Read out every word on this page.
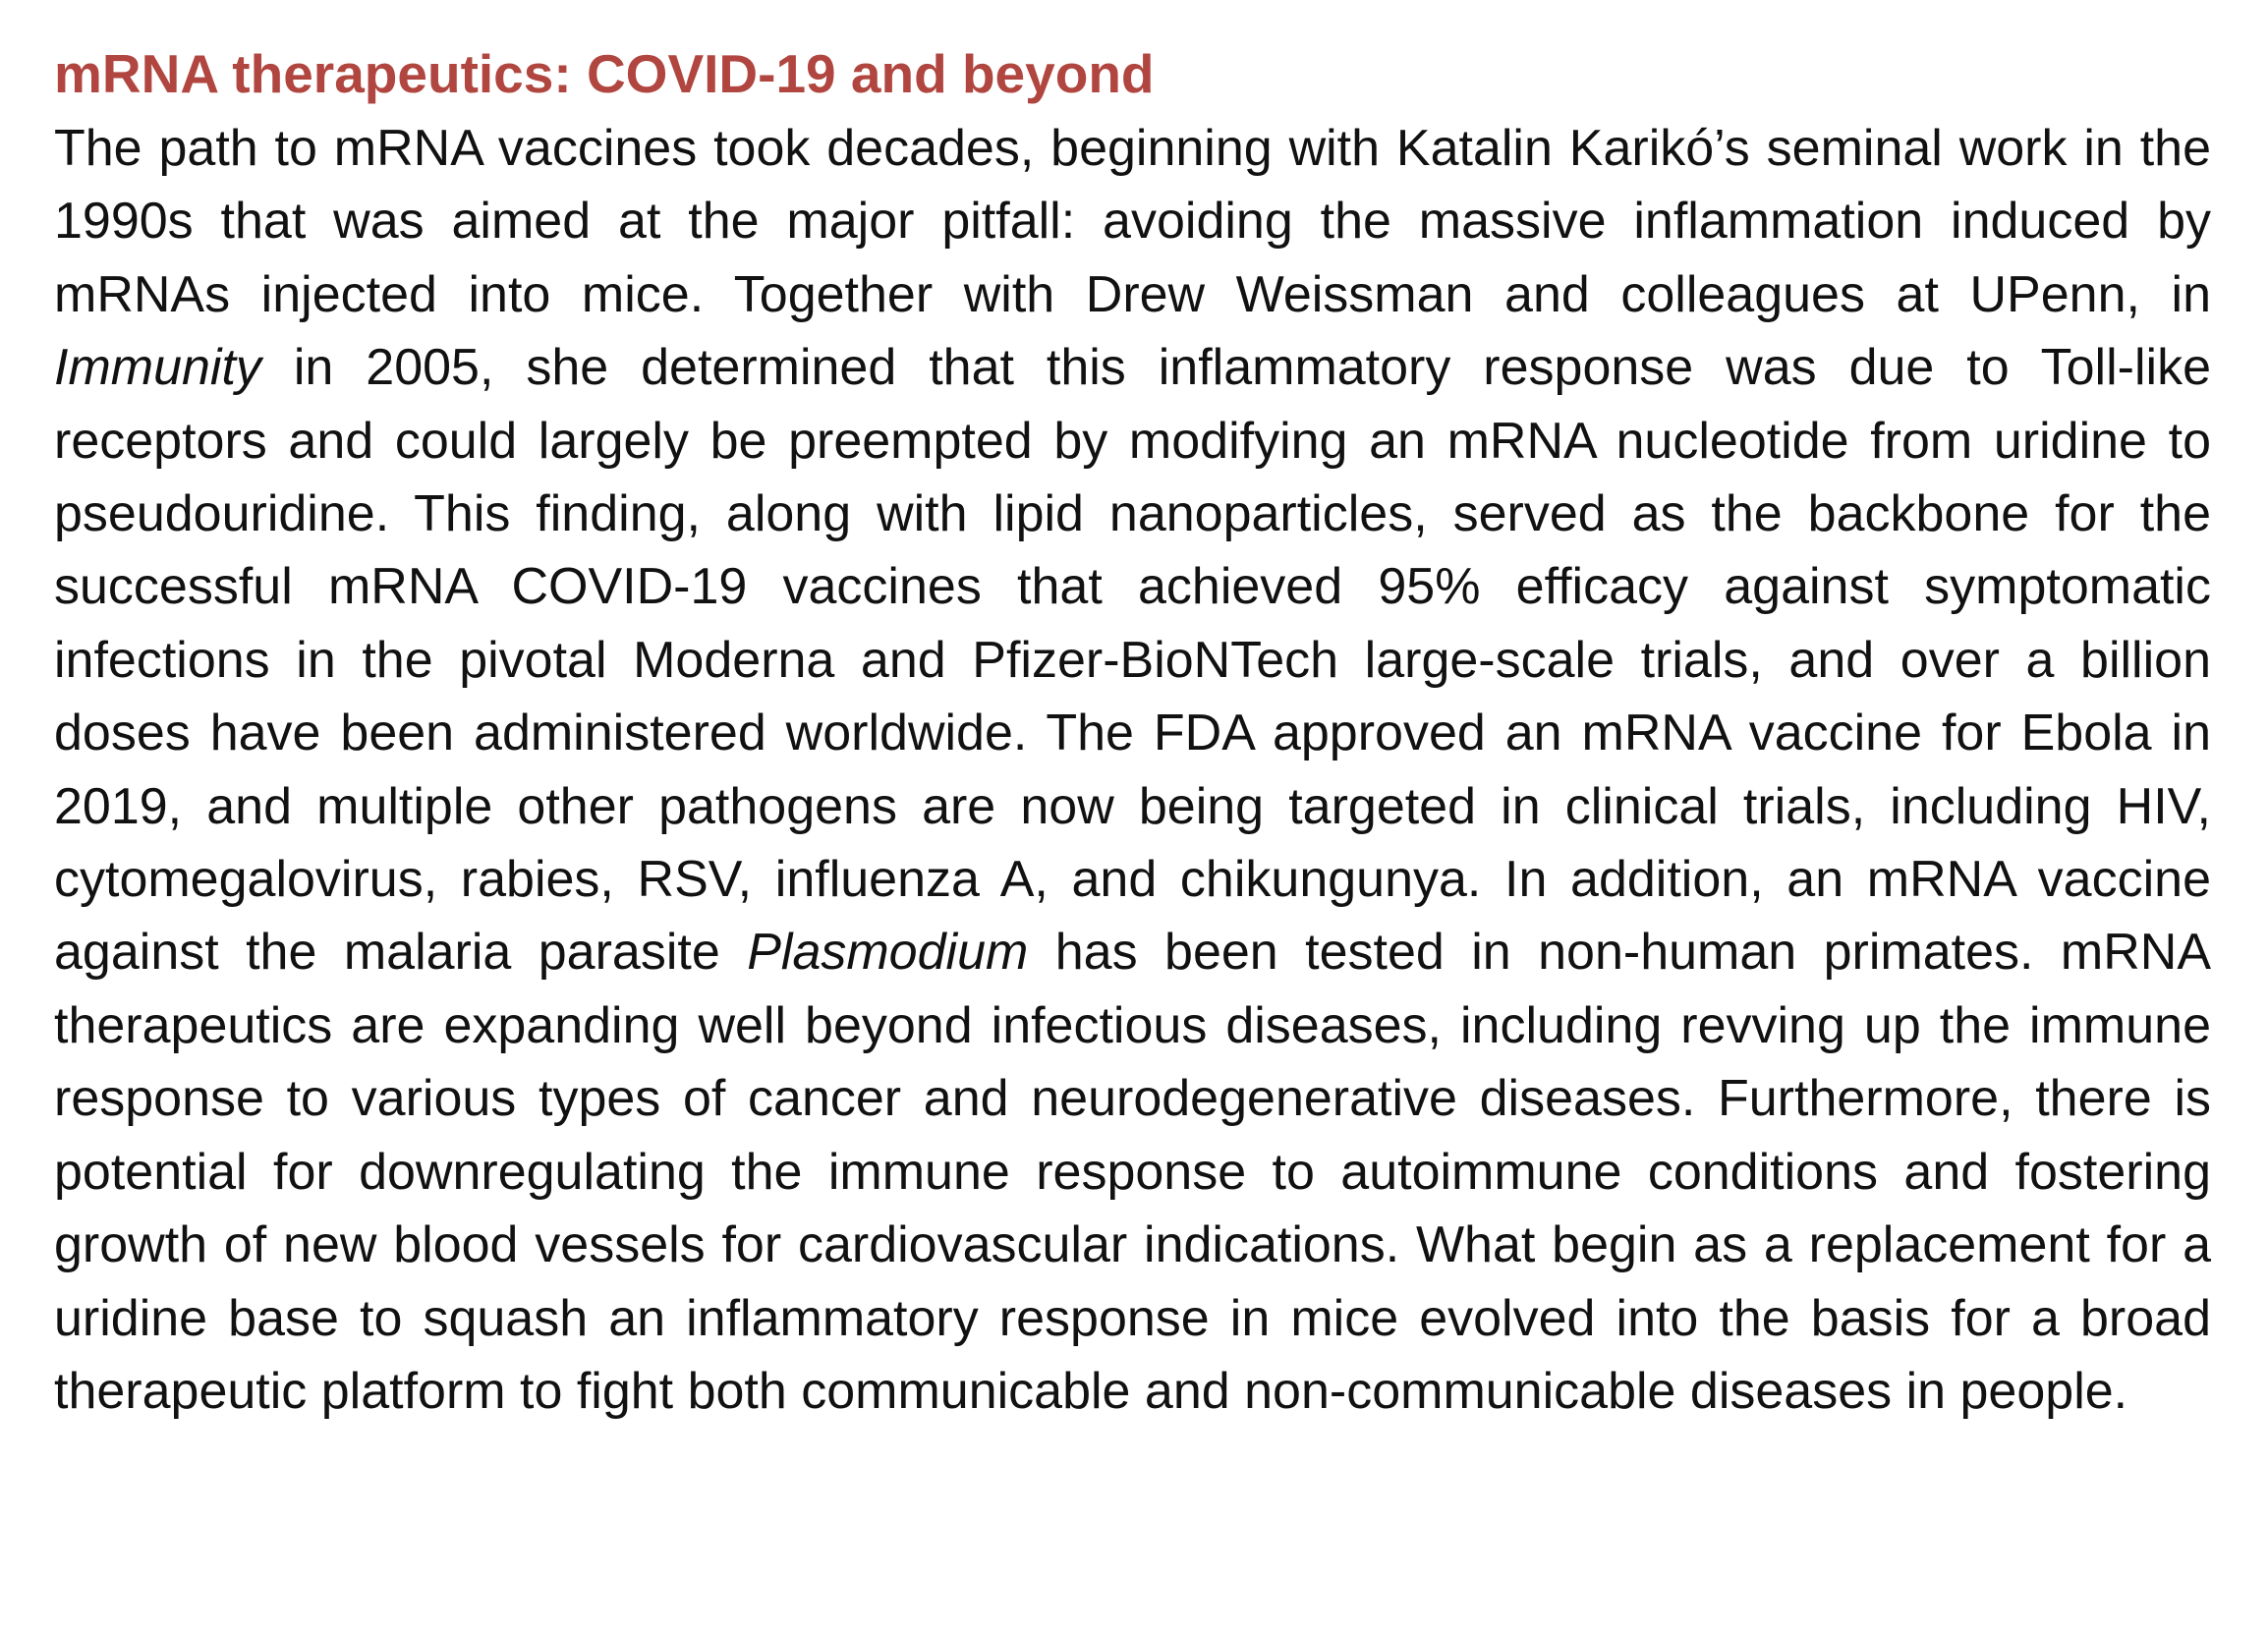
mRNA therapeutics: COVID-19 and beyond

The path to mRNA vaccines took decades, beginning with Katalin Karikó’s seminal work in the 1990s that was aimed at the major pitfall: avoiding the massive inflammation induced by mRNAs injected into mice. Together with Drew Weissman and colleagues at UPenn, in Immunity in 2005, she determined that this inflammatory response was due to Toll-like receptors and could largely be preempted by modifying an mRNA nucleotide from uridine to pseudouridine. This finding, along with lipid nanoparticles, served as the backbone for the successful mRNA COVID-19 vaccines that achieved 95% efficacy against symptomatic infections in the pivotal Moderna and Pfizer-BioNTech large-scale trials, and over a billion doses have been administered worldwide. The FDA approved an mRNA vaccine for Ebola in 2019, and multiple other pathogens are now being targeted in clinical trials, including HIV, cytomegalovirus, rabies, RSV, influenza A, and chikungunya. In addition, an mRNA vaccine against the malaria parasite Plasmodium has been tested in non-human primates. mRNA therapeutics are expanding well beyond infectious diseases, including revving up the immune response to various types of cancer and neurodegenerative diseases. Furthermore, there is potential for downregulating the immune response to autoimmune conditions and fostering growth of new blood vessels for cardiovascular indications. What begin as a replacement for a uridine base to squash an inflammatory response in mice evolved into the basis for a broad therapeutic platform to fight both communicable and non-communicable diseases in people.
